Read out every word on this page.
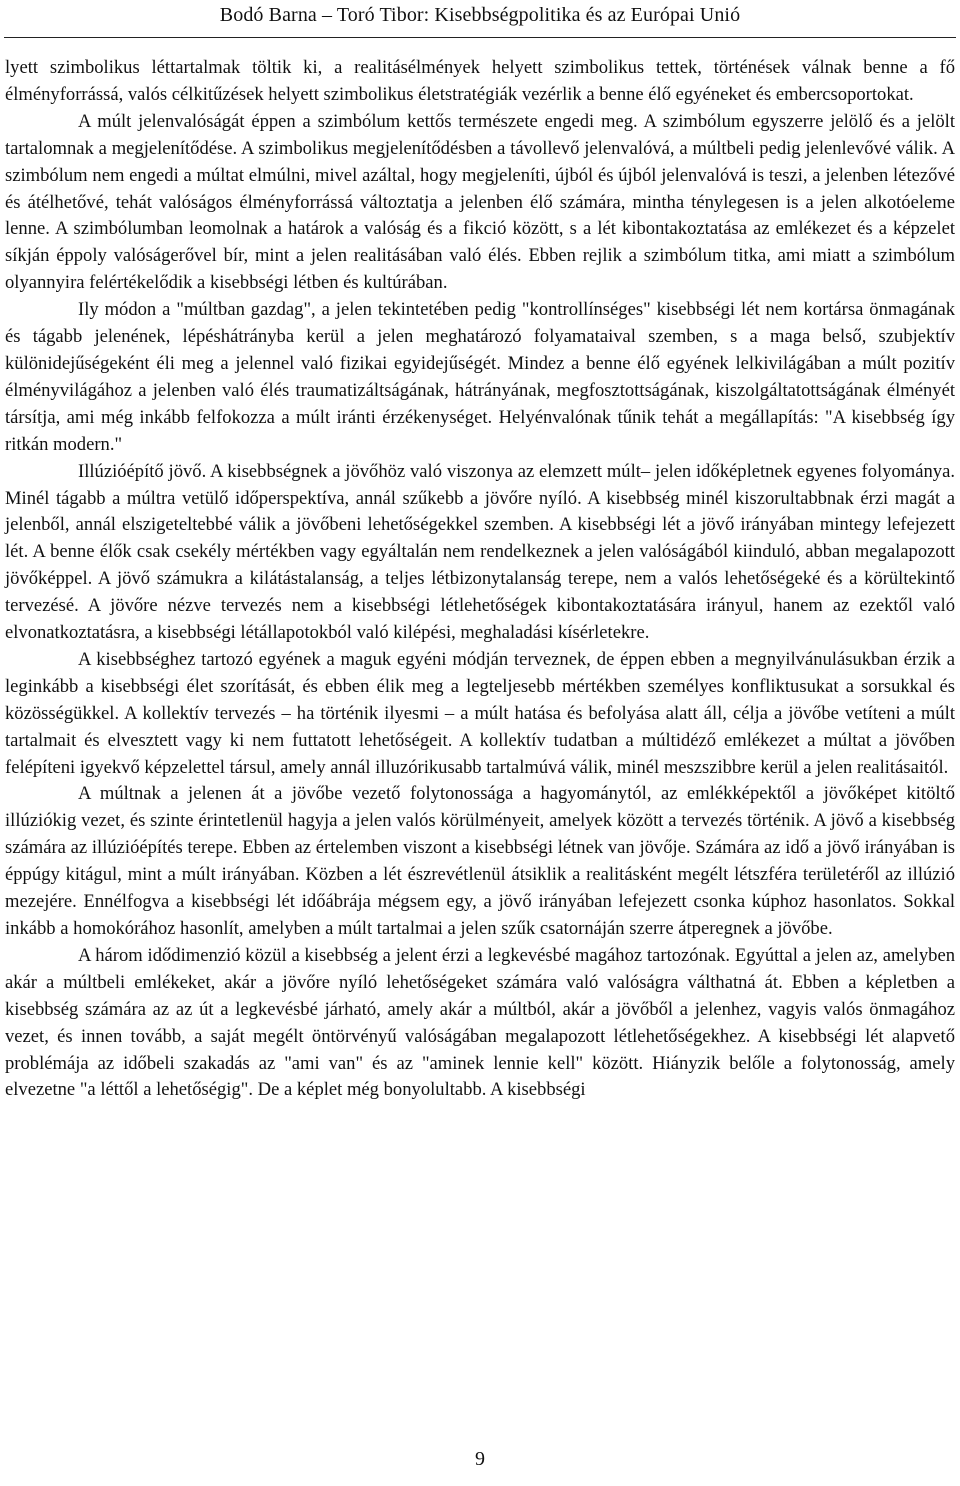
Bodó Barna – Toró Tibor: Kisebbségpolitika és az Európai Unió

lyett szimbolikus léttartalmak töltik ki, a realitásélmények helyett szimbolikus tettek, történések válnak benne a fő élményforrássá, valós célkitűzések helyett szimbolikus életstratégiák vezérlik a benne élő egyéneket és embercsoportokat.

A múlt jelenvalóságát éppen a szimbólum kettős természete engedi meg. A szimbólum egyszerre jelölő és a jelölt tartalomnak a megjelenítődése. A szimbolikus megjelenítődésben a távollevő jelenvalóvá, a múltbeli pedig jelenlevővé válik. A szimbólum nem engedi a múltat elmúlni, mivel azáltal, hogy megjeleníti, újból és újból jelenvalóvá is teszi, a jelenben létezővé és átélhetővé, tehát valóságos élményforrássá változtatja a jelenben élő számára, mintha ténylegesen is a jelen alkotóeleme lenne. A szimbólumban leomolnak a határok a valóság és a fikció között, s a lét kibontakoztatása az emlékezet és a képzelet síkján éppoly valóságerővel bír, mint a jelen realitásában való élés. Ebben rejlik a szimbólum titka, ami miatt a szimbólum olyannyira felértékelődik a kisebbségi létben és kultúrában.

Ily módon a "múltban gazdag", a jelen tekintetében pedig "kontrollínséges" kisebbségi lét nem kortársa önmagának és tágabb jelenének, lépéshátrányba kerül a jelen meghatározó folyamataival szemben, s a maga belső, szubjektív különidejűségeként éli meg a jelennel való fizikai egyidejűségét. Mindez a benne élő egyének lelkivilágában a múlt pozitív élményvilágához a jelenben való élés traumatizáltságának, hátrányának, megfosztottságának, kiszolgáltatottságának élményét társítja, ami még inkább felfokozza a múlt iránti érzékenységet. Helyénvalónak tűnik tehát a megállapítás: "A kisebbség így ritkán modern."

Illúzióépítő jövő. A kisebbségnek a jövőhöz való viszonya az elemzett múlt– jelen időképletnek egyenes folyománya. Minél tágabb a múltra vetülő időperspektíva, annál szűkebb a jövőre nyíló. A kisebbség minél kiszorultabbnak érzi magát a jelenből, annál elszigeteltebbé válik a jövőbeni lehetőségekkel szemben. A kisebbségi lét a jövő irányában mintegy lefejezett lét. A benne élők csak csekély mértékben vagy egyáltalán nem rendelkeznek a jelen valóságából kiinduló, abban megalapozott jövőképpel. A jövő számukra a kilátástalanság, a teljes létbizonytalanság terepe, nem a valós lehetőségeké és a körültekintő tervezésé. A jövőre nézve tervezés nem a kisebbségi létlehetőségek kibontakoztatására irányul, hanem az ezektől való elvonatkoztatásra, a kisebbségi létállapotokból való kilépési, meghaladási kísérletekre.

A kisebbséghez tartozó egyének a maguk egyéni módján terveznek, de éppen ebben a megnyilvánulásukban érzik a leginkább a kisebbségi élet szorítását, és ebben élik meg a legteljesebb mértékben személyes konfliktusukat a sorsukkal és közösségükkel. A kollektív tervezés – ha történik ilyesmi – a múlt hatása és befolyása alatt áll, célja a jövőbe vetíteni a múlt tartalmait és elvesztett vagy ki nem futtatott lehetőségeit. A kollektív tudatban a múltidéző emlékezet a múltat a jövőben felépíteni igyekvő képzelettel társul, amely annál illuzórikusabb tartalmúvá válik, minél meszszibbre kerül a jelen realitásaitól.

A múltnak a jelenen át a jövőbe vezető folytonossága a hagyománytól, az emlékképektől a jövőképet kitöltő illúziókig vezet, és szinte érintetlenül hagyja a jelen valós körülményeit, amelyek között a tervezés történik. A jövő a kisebbség számára az illúzióépítés terepe. Ebben az értelemben viszont a kisebbségi létnek van jövője. Számára az idő a jövő irányában is éppúgy kitágul, mint a múlt irányában. Közben a lét észrevétlenül átsiklik a realitásként megélt létszféra területéről az illúzió mezejére. Ennélfogva a kisebbségi lét időábrája mégsem egy, a jövő irányában lefejezett csonka kúphoz hasonlatos. Sokkal inkább a homokórához hasonlít, amelyben a múlt tartalmai a jelen szűk csatornáján szerre átperegnek a jövőbe.

A három idődimenzió közül a kisebbség a jelent érzi a legkevésbé magához tartozónak. Egyúttal a jelen az, amelyben akár a múltbeli emlékeket, akár a jövőre nyíló lehetőségeket számára való valóságra válthatná át. Ebben a képletben a kisebbség számára az az út a legkevésbé járható, amely akár a múltból, akár a jövőből a jelenhez, vagyis valós önmagához vezet, és innen tovább, a saját megélt öntörvényű valóságában megalapozott létlehetőségekhez. A kisebbségi lét alapvető problémája az időbeli szakadás az "ami van" és az "aminek lennie kell" között. Hiányzik belőle a folytonosság, amely elvezetne "a léttől a lehetőségig". De a képlet még bonyolultabb. A kisebbségi

9
